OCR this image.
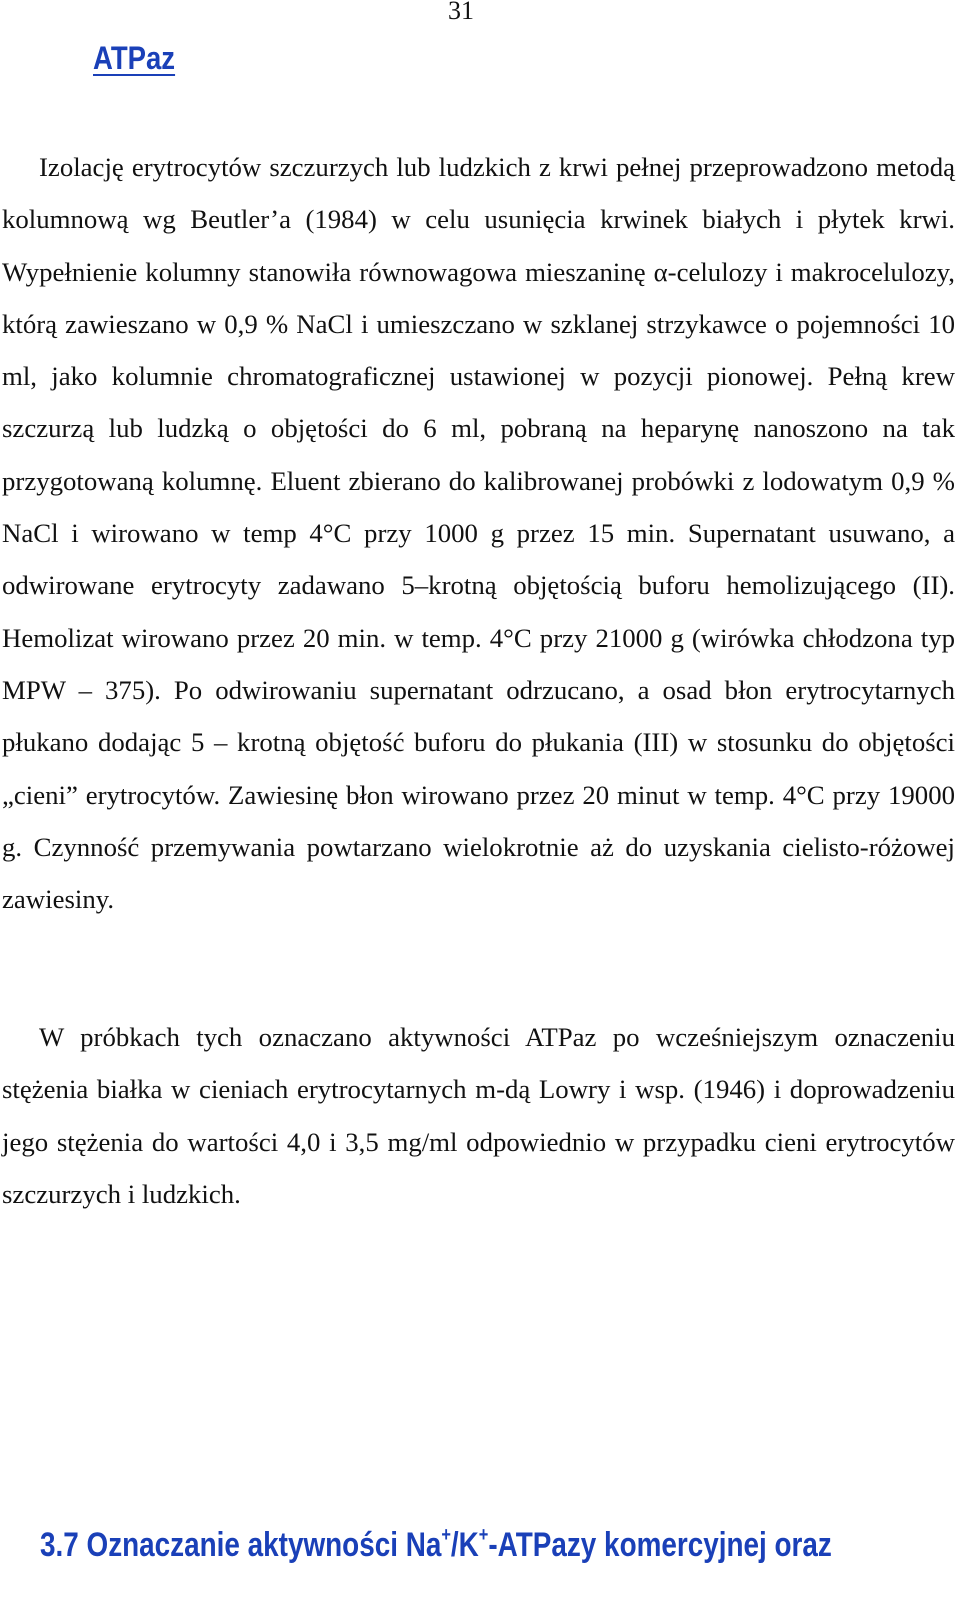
31
ATPaz

Izolację erytrocytów szczurzych lub ludzkich z krwi pełnej przeprowadzono metodą kolumnową wg Beutler’a (1984) w celu usunięcia krwinek białych i płytek krwi. Wypełnienie kolumny stanowiła równowagowa mieszaninę α-celulozy i makrocelulozy, którą zawieszano w 0,9 % NaCl i umieszczano w szklanej strzykawce o pojemności 10 ml, jako kolumnie chromatograficznej ustawionej w pozycji pionowej. Pełną krew szczurzą lub ludzką o objętości do 6 ml, pobraną na heparynę nanoszono na tak przygotowaną kolumnę. Eluent zbierano do kalibrowanej probówki z lodowatym 0,9 % NaCl i wirowano w temp 4°C przy 1000 g przez 15 min. Supernatant usuwano, a odwirowane erytrocyty zadawano 5–krotną objętością buforu hemolizującego (II). Hemolizat wirowano przez 20 min. w temp. 4°C przy 21000 g (wirówka chłodzona typ MPW – 375). Po odwirowaniu supernatant odrzucano, a osad błon erytrocytarnych płukano dodając 5 – krotną objętość buforu do płukania (III) w stosunku do objętości „cieni” erytrocytów. Zawiesinę błon wirowano przez 20 minut w temp. 4°C przy 19000 g. Czynność przemywania powtarzano wielokrotnie aż do uzyskania cielisto-różowej zawiesiny.

W próbkach tych oznaczano aktywności ATPaz po wcześniejszym oznaczeniu stężenia białka w cieniach erytrocytarnych m-dą Lowry i wsp. (1946) i doprowadzeniu jego stężenia do wartości 4,0 i 3,5 mg/ml odpowiednio w przypadku cieni erytrocytów szczurzych i ludzkich.

3.7 Oznaczanie aktywności Na+/K+-ATPazy komercyjnej oraz
